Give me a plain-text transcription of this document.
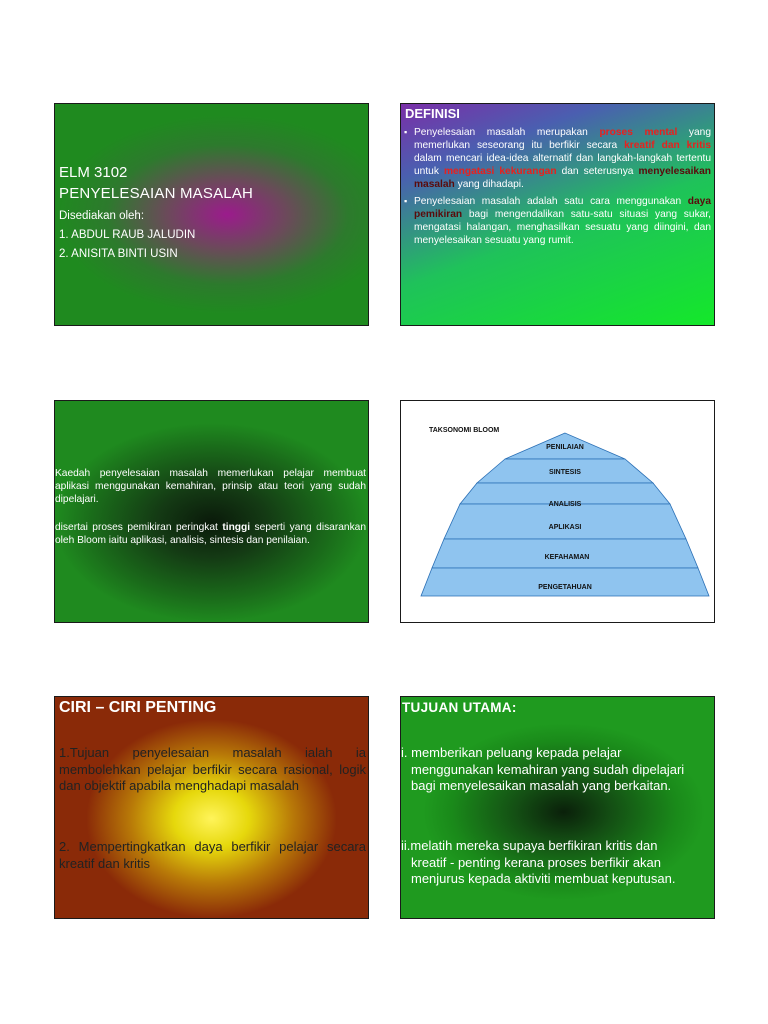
ELM 3102
PENYELESAIAN MASALAH
Disediakan oleh:
1. ABDUL RAUB JALUDIN
2. ANISITA BINTI USIN
DEFINISI
▪ Penyelesaian masalah merupakan proses mental yang memerlukan seseorang itu berfikir secara kreatif dan kritis dalam mencari idea-idea alternatif dan langkah-langkah tertentu untuk mengatasi kekurangan dan seterusnya menyelesaikan masalah yang dihadapi.
▪ Penyelesaian masalah adalah satu cara menggunakan daya pemikiran bagi mengendalikan satu-satu situasi yang sukar, mengatasi halangan, menghasilkan sesuatu yang diingini, dan menyelesaikan sesuatu yang rumit.
Kaedah penyelesaian masalah memerlukan pelajar membuat aplikasi menggunakan kemahiran, prinsip atau teori yang sudah dipelajari.
disertai proses pemikiran peringkat tinggi seperti yang disarankan oleh Bloom iaitu aplikasi, analisis, sintesis dan penilaian.
TAKSONOMI BLOOM
PENILAIAN
SINTESIS
ANALISIS
APLIKASI
KEFAHAMAN
PENGETAHUAN
CIRI – CIRI PENTING
1.Tujuan penyelesaian masalah ialah ia membolehkan pelajar berfikir secara rasional, logik dan objektif apabila menghadapi masalah
2. Mempertingkatkan daya berfikir pelajar secara kreatif dan kritis
TUJUAN UTAMA:
i. memberikan peluang kepada pelajar
menggunakan kemahiran yang sudah dipelajari bagi menyelesaikan masalah yang berkaitan.
ii.melatih mereka supaya berfikiran kritis dan
kreatif - penting kerana proses berfikir akan menjurus kepada aktiviti membuat keputusan.
